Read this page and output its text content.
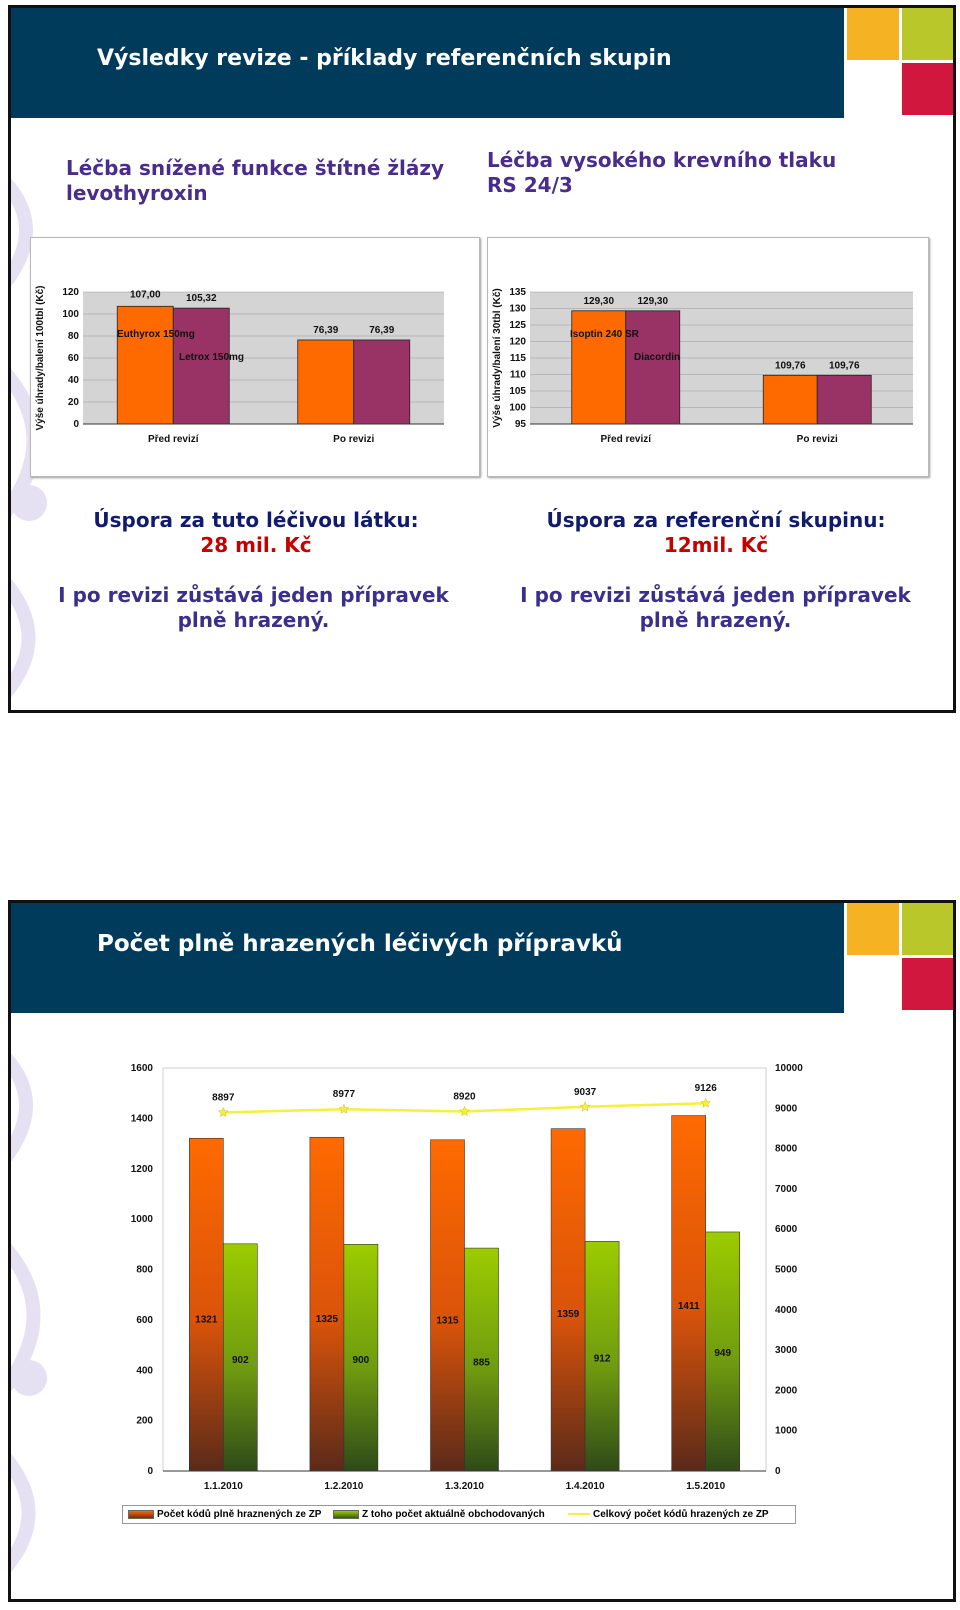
Výsledky revize - příklady referenčních skupin
Léčba snížené funkce štítné žlázy
levothyroxin
Léčba vysokého krevního tlaku
RS 24/3
120
100
80
60
40
20
0
Výše úhrady/balení 100tbl (Kč)
Před revizí
107,00	105,32
Po revizi
76,39	76,39
Euthyrox 150mg
Letrox 150mg
135
130
125
120
115
110
105
100
95
Výše úhrady/balení 30tbl (Kč)
Před revizí
129,30 129,30
Po revizi
109,76 109,76
Isoptin 240 SR
Diacordin
Úspora za tuto léčivou látku:
28 mil. Kč
Úspora za referenční skupinu:
12mil. Kč
I po revizi zůstává jeden přípravek
plně hrazený.
I po revizi zůstává jeden přípravek
plně hrazený.
Počet plně hrazených léčivých přípravků
1600
1400
1200
1000
800
600
400
200
0
10000
9000
8000
7000
6000
5000
4000
3000
2000
1000
0
1.1.2010
1321
902
8897
1.2.2010
1325
900
8977
1.3.2010
1315
885
8920
1.4.2010
1359
912
9037
1.5.2010
1411
949
9126
Počet kódů plně hraznených ze ZP	Z toho počet aktuálně obchodovaných	Celkový počet kódů hrazených ze ZP
